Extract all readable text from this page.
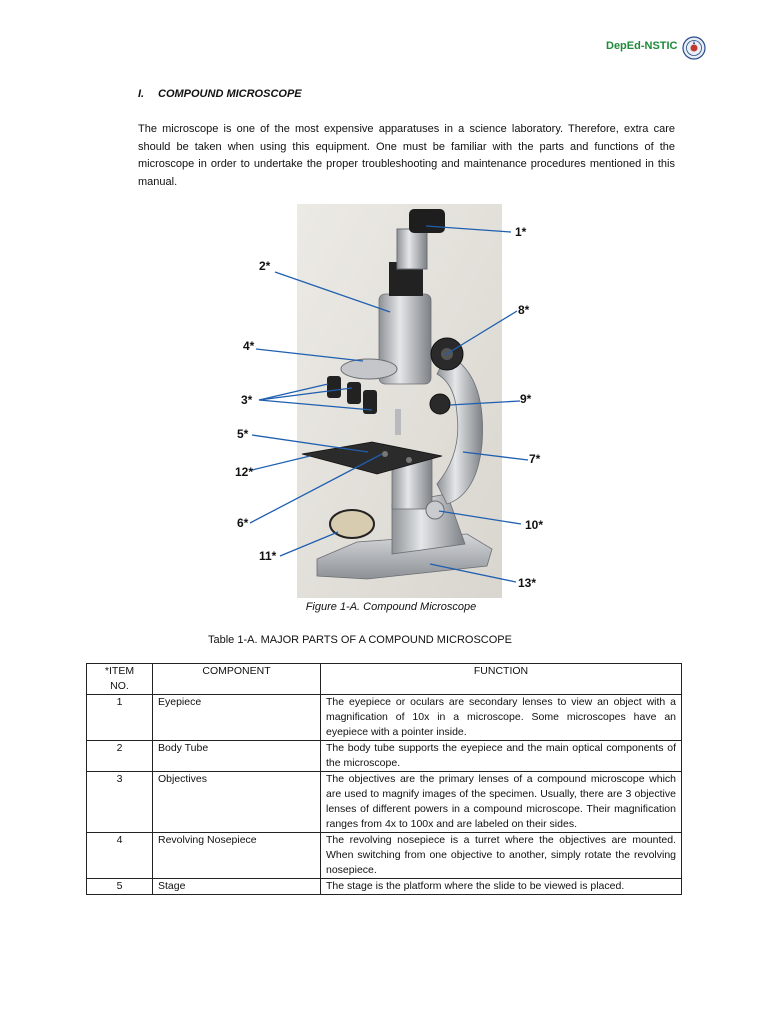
DepEd-NSTIC
I. COMPOUND MICROSCOPE
The microscope is one of the most expensive apparatuses in a science laboratory. Therefore, extra care should be taken when using this equipment. One must be familiar with the parts and functions of the microscope in order to undertake the proper troubleshooting and maintenance procedures mentioned in this manual.
1*
2*
3*
4*
5*
6*
7*
8*
9*
10*
11*
12*
13*
Figure 1-A. Compound Microscope
Table 1-A. MAJOR PARTS OF A COMPOUND MICROSCOPE
*ITEM NO.	COMPONENT	FUNCTION
1	Eyepiece	The eyepiece or oculars are secondary lenses to view an object with a magnification of 10x in a microscope. Some microscopes have an eyepiece with a pointer inside.
2	Body Tube	The body tube supports the eyepiece and the main optical components of the microscope.
3	Objectives	The objectives are the primary lenses of a compound microscope which are used to magnify images of the specimen. Usually, there are 3 objective lenses of different powers in a compound microscope. Their magnification ranges from 4x to 100x and are labeled on their sides.
4	Revolving Nosepiece	The revolving nosepiece is a turret where the objectives are mounted. When switching from one objective to another, simply rotate the revolving nosepiece.
5	Stage	The stage is the platform where the slide to be viewed is placed.
